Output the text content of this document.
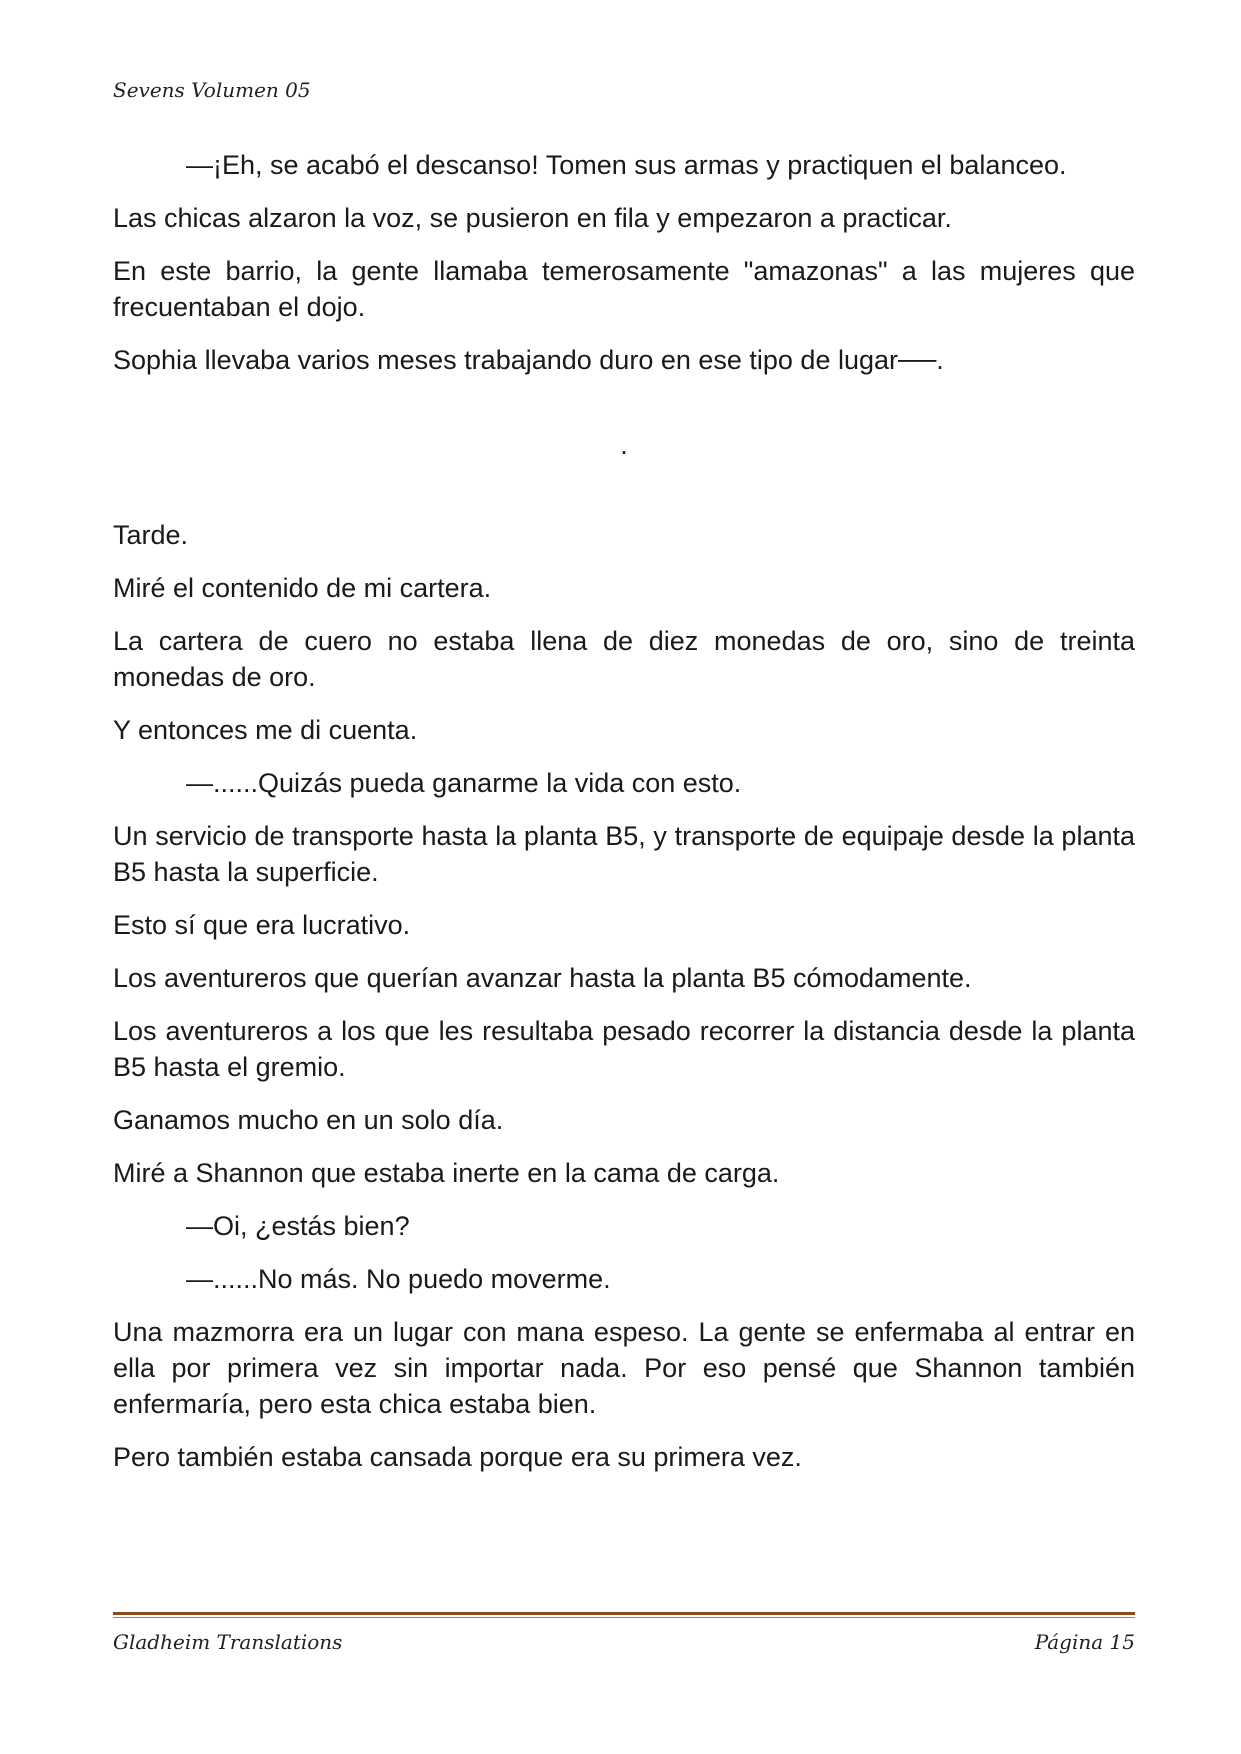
Sevens Volumen 05

—¡Eh, se acabó el descanso! Tomen sus armas y practiquen el balanceo.

Las chicas alzaron la voz, se pusieron en fila y empezaron a practicar.

En este barrio, la gente llamaba temerosamente "amazonas" a las mujeres que frecuentaban el dojo.

Sophia llevaba varios meses trabajando duro en ese tipo de lugar──.

.

Tarde.

Miré el contenido de mi cartera.

La cartera de cuero no estaba llena de diez monedas de oro, sino de treinta monedas de oro.

Y entonces me di cuenta.

—......Quizás pueda ganarme la vida con esto.

Un servicio de transporte hasta la planta B5, y transporte de equipaje desde la planta B5 hasta la superficie.

Esto sí que era lucrativo.

Los aventureros que querían avanzar hasta la planta B5 cómodamente.

Los aventureros a los que les resultaba pesado recorrer la distancia desde la planta B5 hasta el gremio.

Ganamos mucho en un solo día.

Miré a Shannon que estaba inerte en la cama de carga.

—Oi, ¿estás bien?

—......No más. No puedo moverme.

Una mazmorra era un lugar con mana espeso. La gente se enfermaba al entrar en ella por primera vez sin importar nada. Por eso pensé que Shannon también enfermaría, pero esta chica estaba bien.

Pero también estaba cansada porque era su primera vez.

Gladheim Translations	Página 15
